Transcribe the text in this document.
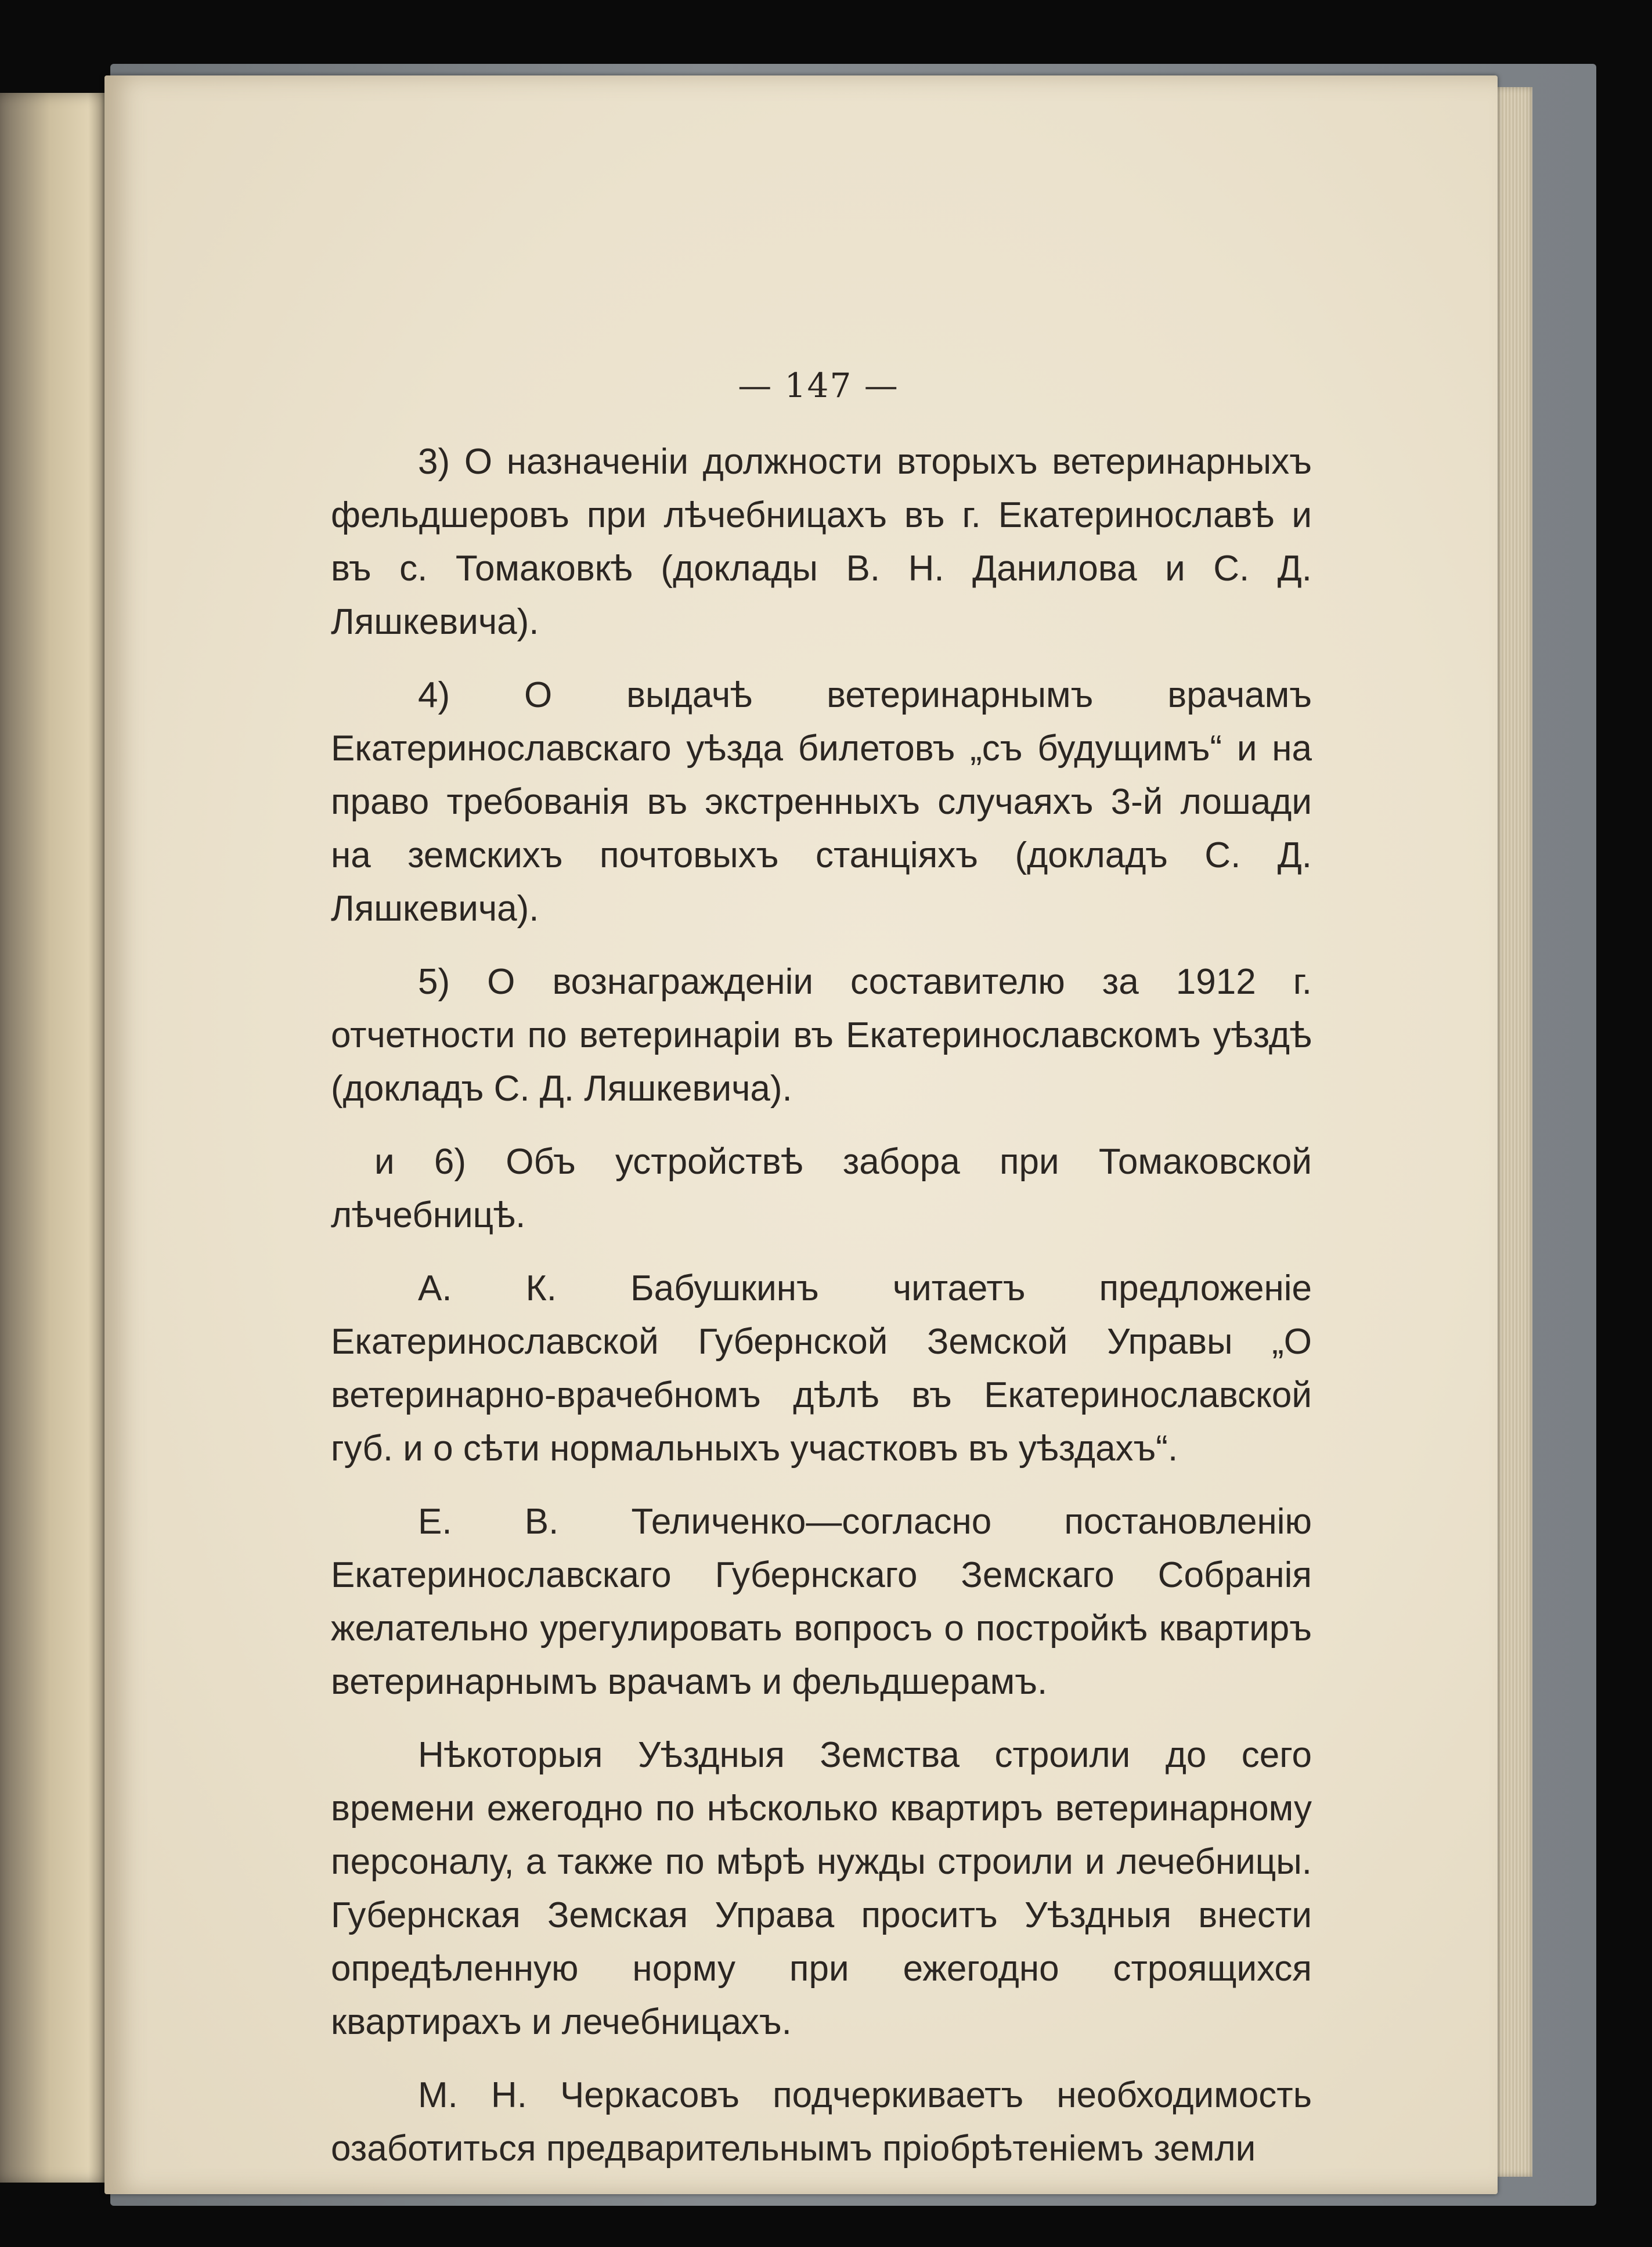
— 147 —

3) О назначенiи должности вторыхъ ветеринарныхъ фельдшеровъ при лѣчебницахъ въ г. Екатеринославѣ и въ с. Томаковкѣ (доклады В. Н. Данилова и С. Д. Ляшкевича).

4) О выдачѣ ветеринарнымъ врачамъ Екатеринославскаго уѣзда билетовъ „съ будущимъ“ и на право требованiя въ экстренныхъ случаяхъ 3-й лошади на земскихъ почтовыхъ станцiяхъ (докладъ С. Д. Ляшкевича).

5) О вознагражденiи составителю за 1912 г. отчетности по ветеринарiи въ Екатеринославскомъ уѣздѣ (докладъ С. Д. Ляшкевича).

и 6) Объ устройствѣ забора при Томаковской лѣчебницѣ.

А. К. Бабушкинъ читаетъ предложенiе Екатеринославской Губернской Земской Управы „О ветеринарно-врачебномъ дѣлѣ въ Екатеринославской губ. и о сѣти нормальныхъ участковъ въ уѣздахъ“.

Е. В. Теличенко—согласно постановленiю Екатеринославскаго Губернскаго Земскаго Собранiя желательно урегулировать вопросъ о постройкѣ квартиръ ветеринарнымъ врачамъ и фельдшерамъ.

Нѣкоторыя Уѣздныя Земства строили до сего времени ежегодно по нѣсколько квартиръ ветеринарному персоналу, а также по мѣрѣ нужды строили и лечебницы. Губернская Земская Управа проситъ Уѣздныя внести опредѣленную норму при ежегодно строящихся квартирахъ и лечебницахъ.

М. Н. Черкасовъ подчеркиваетъ необходимость озаботиться предварительнымъ прiобрѣтенiемъ земли
